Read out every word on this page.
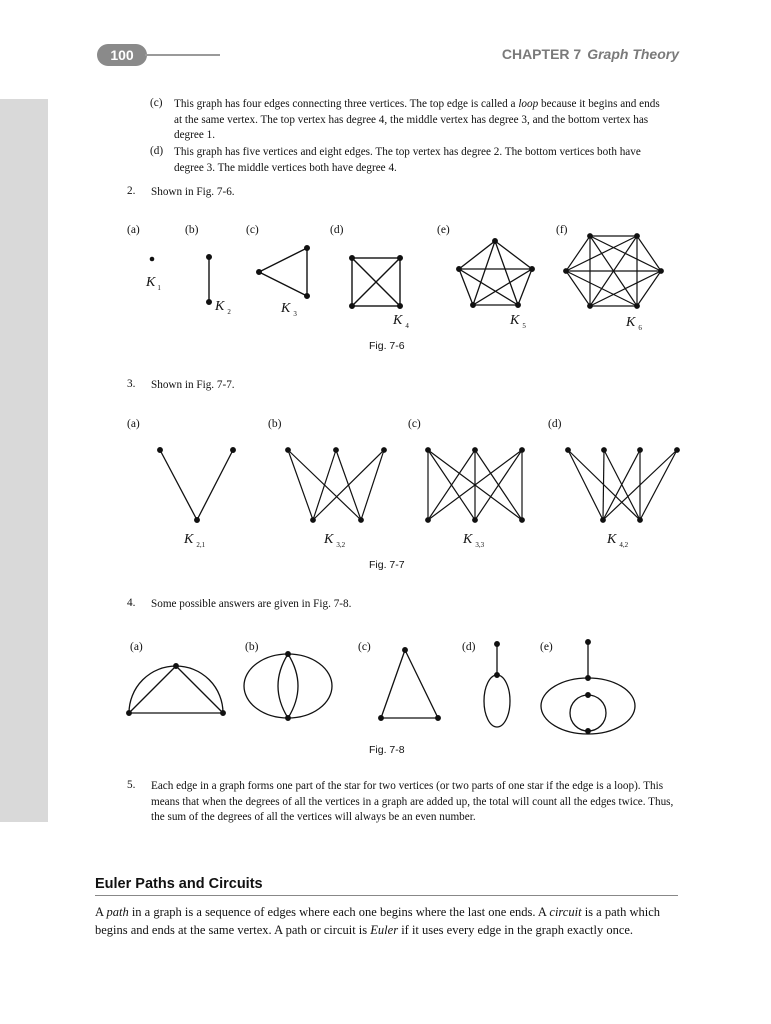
100	CHAPTER 7 Graph Theory
(c) This graph has four edges connecting three vertices. The top edge is called a loop because it begins and ends at the same vertex. The top vertex has degree 4, the middle vertex has degree 3, and the bottom vertex has degree 1.
(d) This graph has five vertices and eight edges. The top vertex has degree 2. The bottom vertices both have degree 3. The middle vertices both have degree 4.
2. Shown in Fig. 7-6.
(a)	(b)	(c)	(d)	(e)	(f)
K $_1$
K $_2$	K $_3$	K $_4$	K $_5$	K $_6$
Fig. 7-6
3. Shown in Fig. 7-7.
(a)	(b)	(c)	(d)
K $_{2,1}$	K $_{3,2}$	K $_{3,3}$	K $_{4,2}$
Fig. 7-7
4. Some possible answers are given in Fig. 7-8.
(a)	(b)	(c)	(d)	(e)
Fig. 7-8
5. Each edge in a graph forms one part of the star for two vertices (or two parts of one star if the edge is a loop). This means that when the degrees of all the vertices in a graph are added up, the total will count all the edges twice. Thus, the sum of the degrees of all the vertices will always be an even number.
Euler Paths and Circuits
A path in a graph is a sequence of edges where each one begins where the last one ends. A circuit is a path which begins and ends at the same vertex. A path or circuit is Euler if it uses every edge in the graph exactly once.
